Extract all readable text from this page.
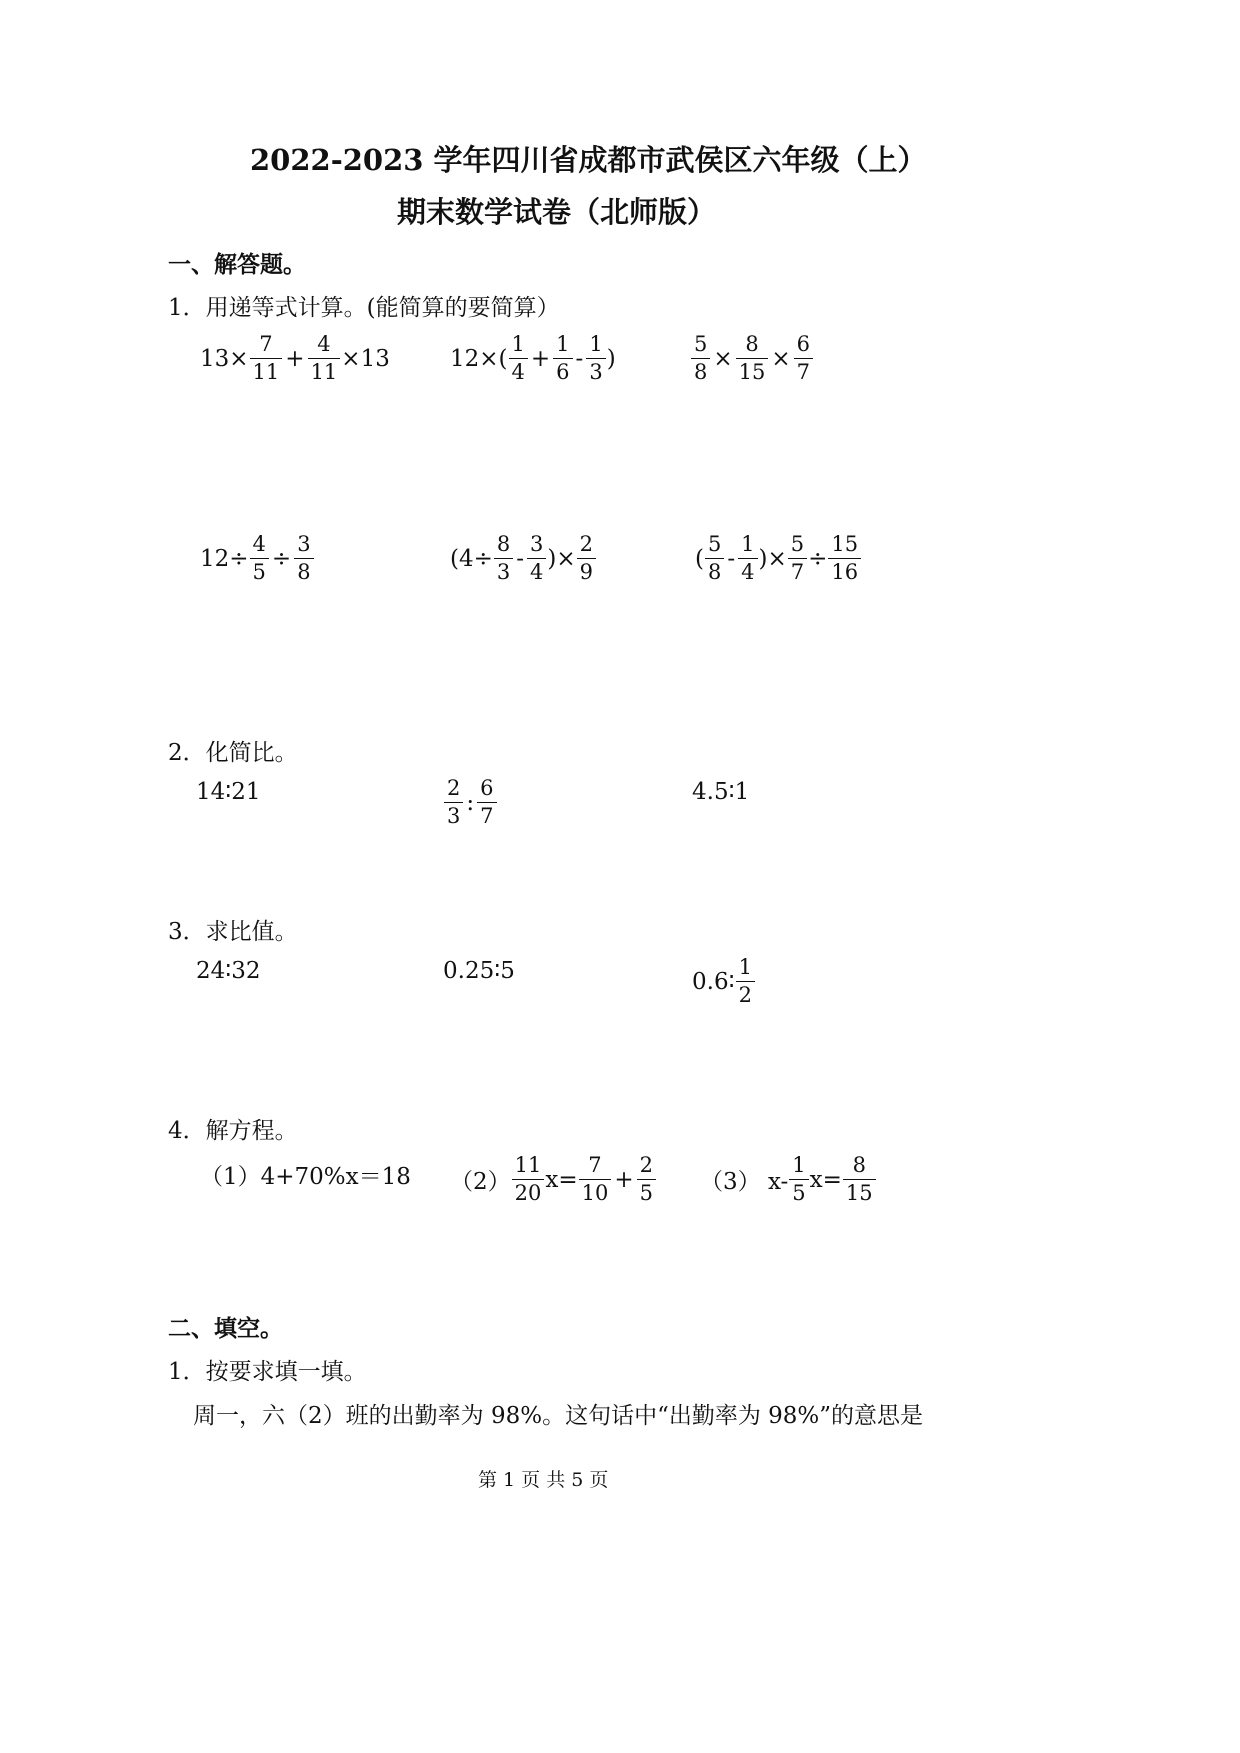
2022-2023 学年四川省成都市武侯区六年级（上）
期末数学试卷（北师版）
一、解答题。
1．用递等式计算。(能简算的要简算）
$13\times \frac{7}{11} + \frac{4}{11} \times 13$	$12\times( \frac{1}{4} + \frac{1}{6} - \frac{1}{3}$ )	$\frac{5}{8} \times \frac{8}{15} \times \frac{6}{7}$
$12\div \frac{4}{5} \div \frac{3}{8}$	($4\div \frac{8}{3} - \frac{3}{4}$ )× $\frac{2}{9}$	( $\frac{5}{8} - \frac{1}{4}$ )× $\frac{5}{7} \div \frac{15}{16}$
2．化简比。
14∶21	$\frac{2}{3}$ : $\frac{6}{7}$	4.5∶1
3．求比值。
24∶32	0.25∶5	0.6∶ $\frac{1}{2}$
4．解方程。
（1）4+70%x＝18 $(2) \frac{11}{20} x= \frac{7}{10} + \frac{2}{5} (3)$ $x- \frac{1}{5} x= \frac{8}{15}$
二、填空。
1．按要求填一填。
周一，六（2）班的出勤率为 98%。这句话中“出勤率为 98%”的意思是
第 1 页 共 5 页
